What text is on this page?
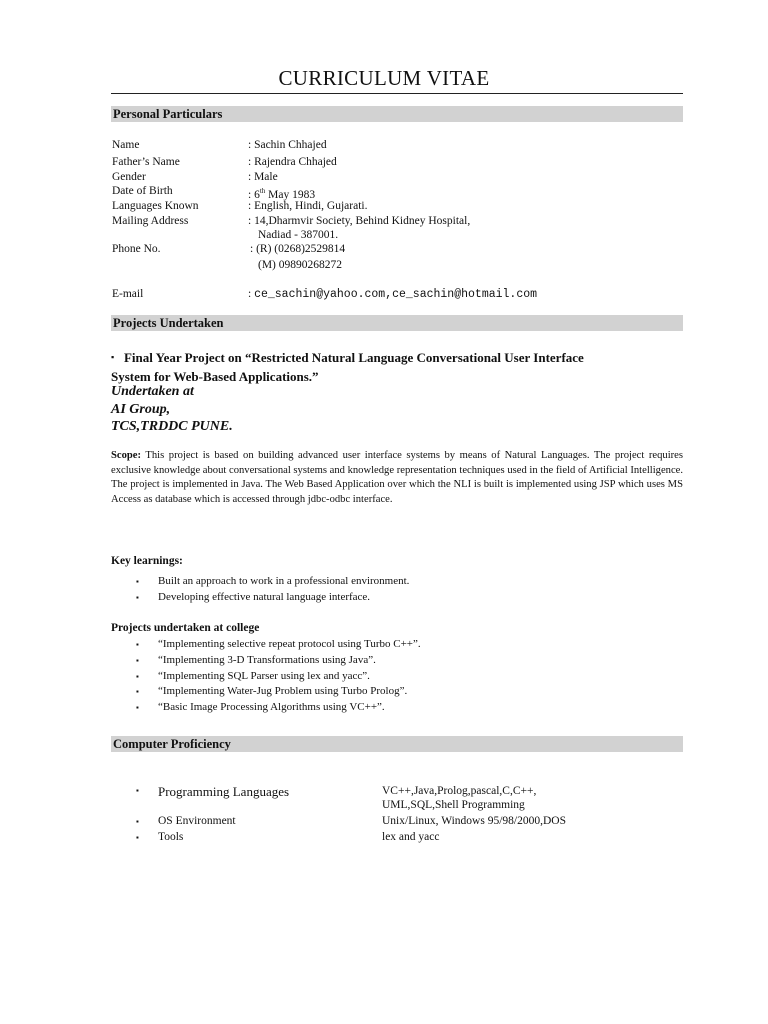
CURRICULUM VITAE
Personal Particulars
Name	: Sachin Chhajed
Father’s Name	: Rajendra Chhajed
Gender	: Male
Date of Birth	: 6th May 1983
Languages Known	: English, Hindi, Gujarati.
Mailing Address	: 14,Dharmvir Society, Behind Kidney Hospital,
Nadiad - 387001.
Phone No.	: (R) (0268)2529814
(M) 09890268272
E-mail	: ce_sachin@yahoo.com,ce_sachin@hotmail.com
Projects Undertaken
▪ Final Year Project on “Restricted Natural Language Conversational User Interface
System for Web-Based Applications.”
Undertaken at
AI Group,
TCS,TRDDC PUNE.
Scope: This project is based on building advanced user interface systems by means of Natural Languages. The project requires exclusive knowledge about conversational systems and knowledge representation techniques used in the field of Artificial Intelligence. The project is implemented in Java. The Web Based Application over which the NLI is built is implemented using JSP which uses MS Access as database which is accessed through jdbc-odbc interface.
Key learnings:
▪ Built an approach to work in a professional environment.
▪ Developing effective natural language interface.
Projects undertaken at college
▪ “Implementing selective repeat protocol using Turbo C++”.
▪ “Implementing 3-D Transformations using Java”.
▪ “Implementing SQL Parser using lex and yacc”.
▪ “Implementing Water-Jug Problem using Turbo Prolog”.
▪ “Basic Image Processing Algorithms using VC++”.
Computer Proficiency
▪ Programming Languages	VC++,Java,Prolog,pascal,C,C++,
UML,SQL,Shell Programming
▪ OS Environment	Unix/Linux, Windows 95/98/2000,DOS
▪ Tools	lex and yacc
